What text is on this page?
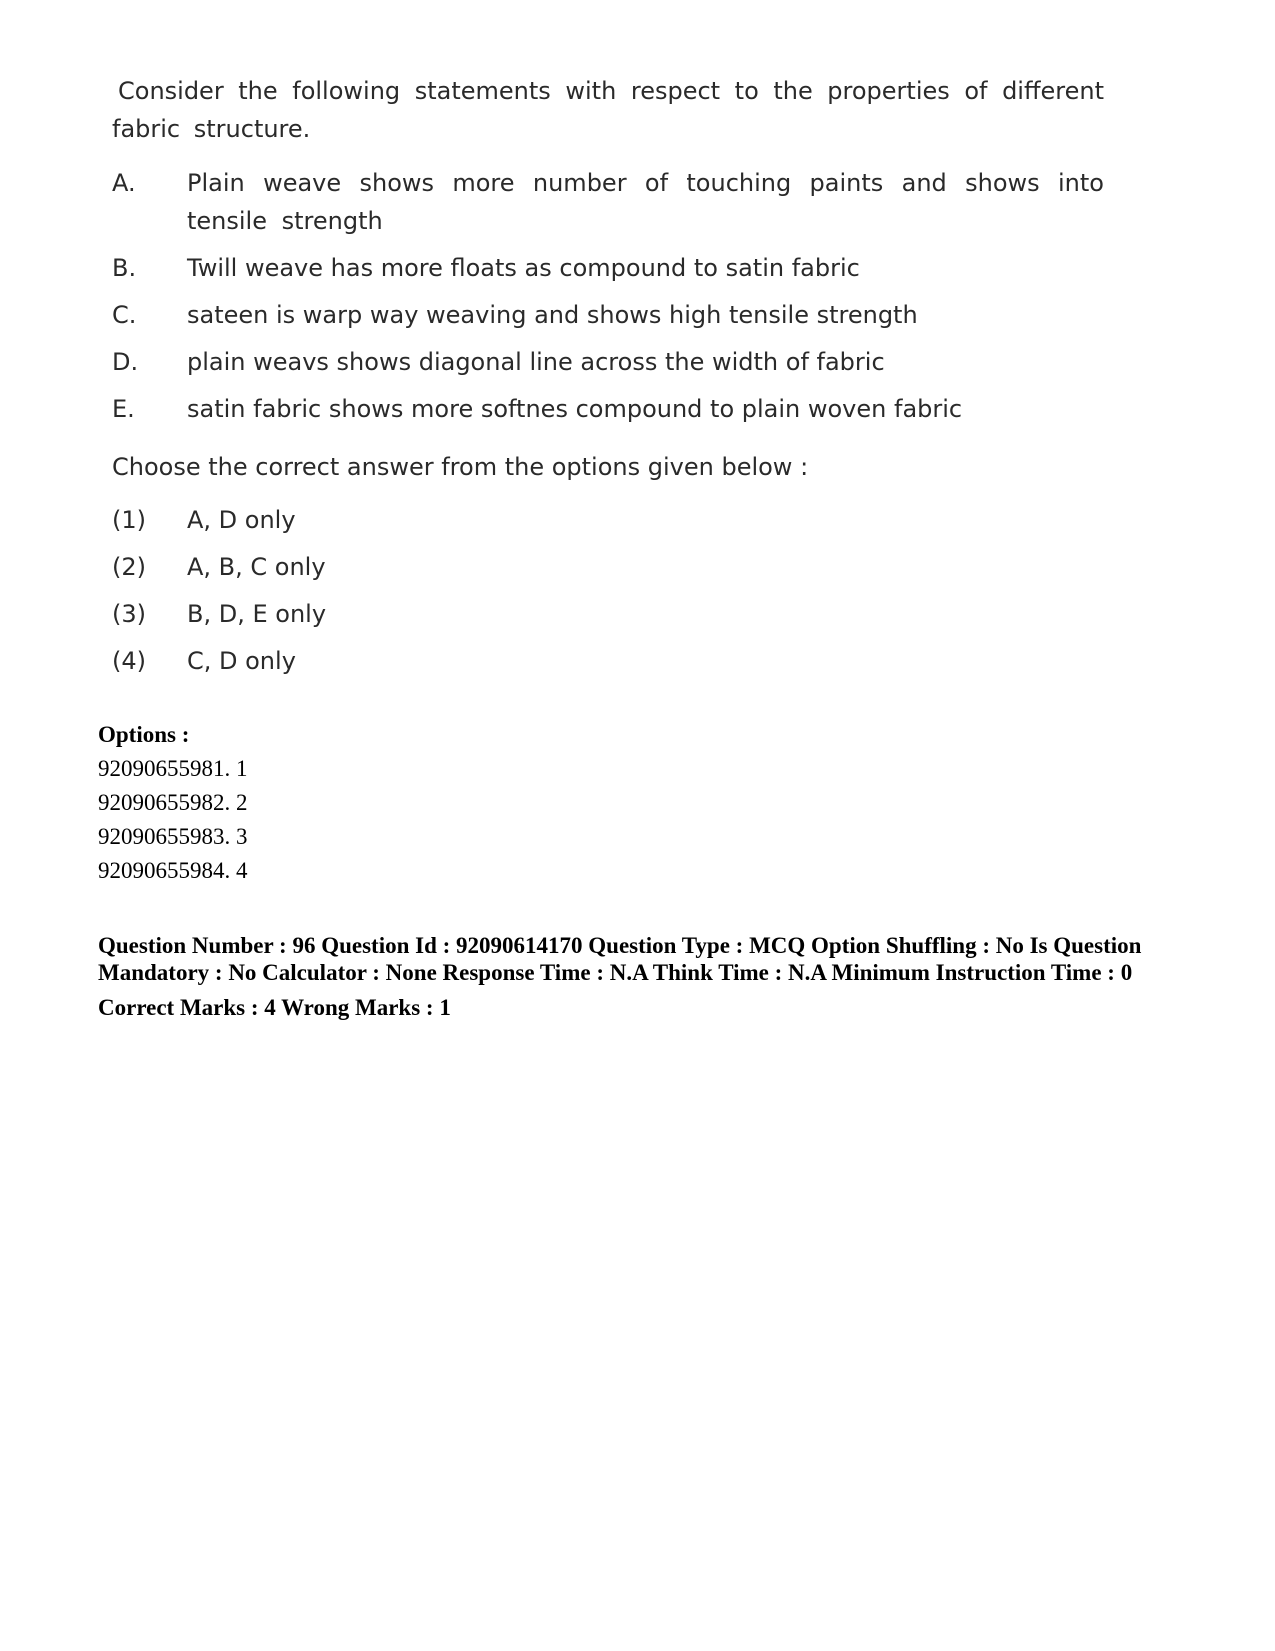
Consider the following statements with respect to the properties of different fabric structure.

A.	Plain weave shows more number of touching paints and shows into tensile strength
B.	Twill weave has more floats as compound to satin fabric
C.	sateen is warp way weaving and shows high tensile strength
D.	plain weavs shows diagonal line across the width of fabric
E.	satin fabric shows more softnes compound to plain woven fabric
Choose the correct answer from the options given below :
(1)	A, D only
(2)	A, B, C only
(3)	B, D, E only
(4)	C, D only
Options :
92090655981. 1
92090655982. 2
92090655983. 3
92090655984. 4
Question Number : 96 Question Id : 92090614170 Question Type : MCQ Option Shuffling : No Is Question Mandatory : No Calculator : None Response Time : N.A Think Time : N.A Minimum Instruction Time : 0
Correct Marks : 4 Wrong Marks : 1
